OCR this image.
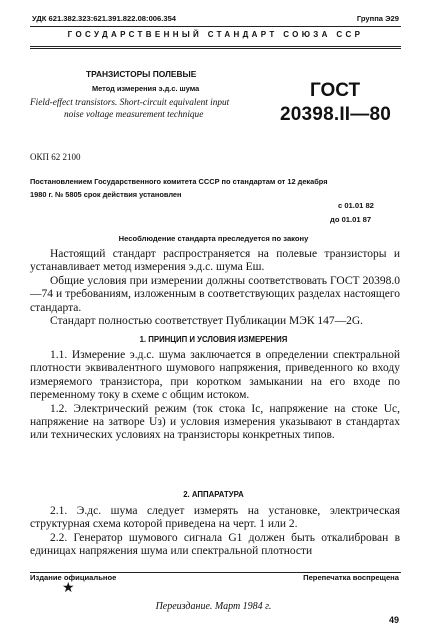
УДК 621.382.323:621.391.822.08:006.354	Группа Э29
ГОСУДАРСТВЕННЫЙ СТАНДАРТ СОЮЗА ССР
ТРАНЗИСТОРЫ ПОЛЕВЫЕ
Метод измерения э.д.с. шума
Field-effect transistors. Short-circuit equivalent input
noise voltage measurement technique
ГОСТ
20398.II—80
ОКП 62 2100
Постановлением Государственного комитета СССР по стандартам от 12 декабря
1980 г. № 5805 срок действия установлен
с 01.01 82
до 01.01 87
Несоблюдение стандарта преследуется по закону

Настоящий стандарт распространяется на полевые транзисторы и устанавливает метод измерения э.д.с. шума Eш.

Общие условия при измерении должны соответствовать ГОСТ 20398.0—74 и требованиям, изложенным в соответствующих разделах настоящего стандарта.

Стандарт полностью соответствует Публикации МЭК 147—2G.

1. ПРИНЦИП И УСЛОВИЯ ИЗМЕРЕНИЯ

1.1. Измерение э.д.с. шума заключается в определении спектральной плотности эквивалентного шумового напряжения, приведенного ко входу измеряемого транзистора, при коротком замыкании на его входе по переменному току в схеме с общим истоком.

1.2. Электрический режим (ток стока Iс, напряжение на стоке Uс, напряжение на затворе Uз) и условия измерения указывают в стандартах или технических условиях на транзисторы конкретных типов.

2. АППАРАТУРА

2.1. Э.дс. шума следует измерять на установке, электрическая структурная схема которой приведена на черт. 1 или 2.

2.2. Генератор шумового сигнала G1 должен быть откалиброван в единицах напряжения шума или спектральной плотности

Издание официальное	Перепечатка воспрещена
★
Переиздание. Март 1984 г.
49
